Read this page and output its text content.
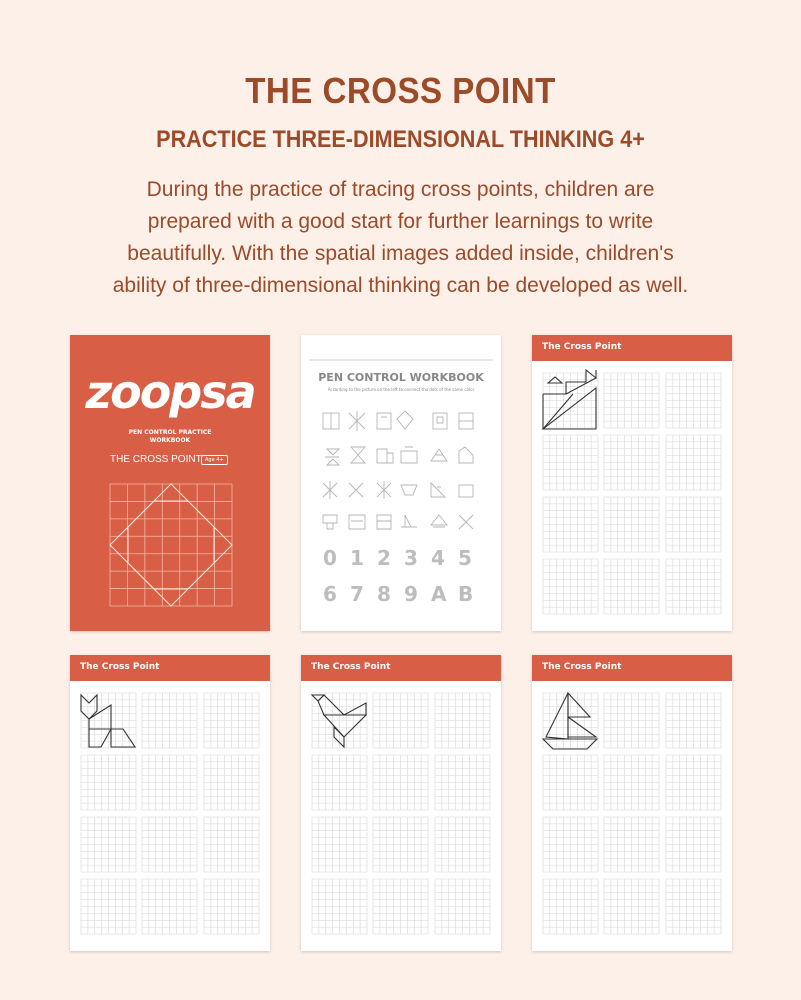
THE CROSS POINT
PRACTICE THREE-DIMENSIONAL THINKING 4+
During the practice of tracing cross points, children are
prepared with a good start for further learnings to write
beautifully. With the spatial images added inside, children's
ability of three-dimensional thinking can be developed as well.
zoopsa
PEN CONTROL PRACTICE
WORKBOOK
THE CROSS POINT Age 4+
PEN CONTROL WORKBOOK
According to the picture on the left to connect the dots of the same color
0 1 2 3 4 5
6 7 8 9 A B
The Cross Point
The Cross Point	The Cross Point	The Cross Point
